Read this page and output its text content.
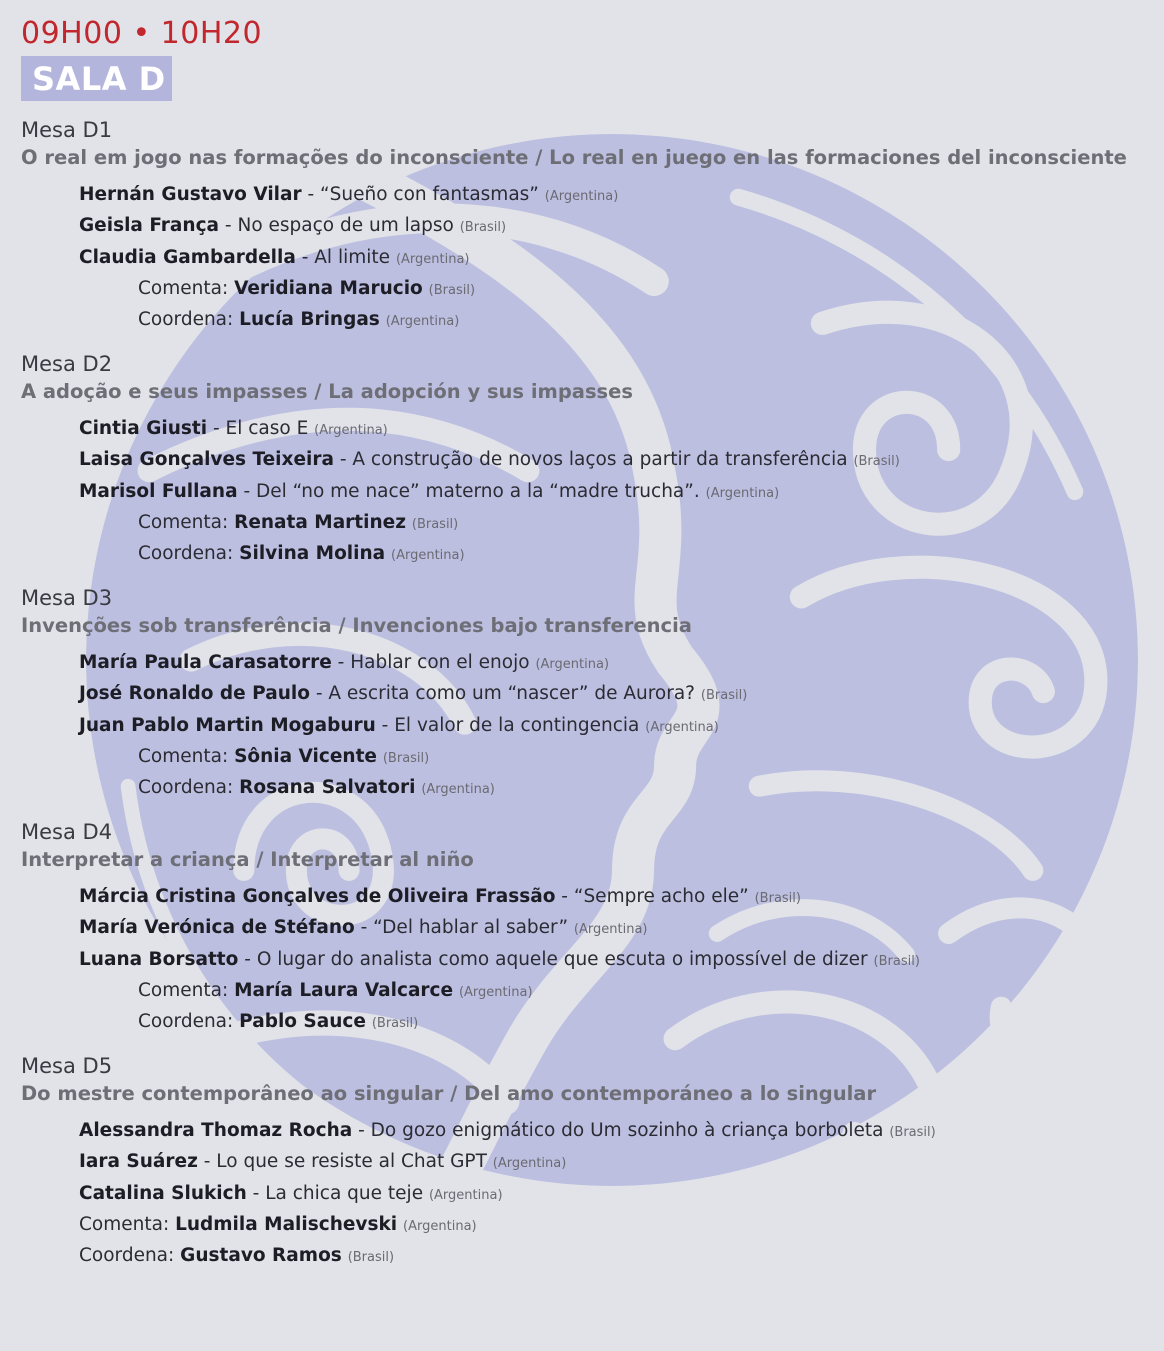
09H00 • 10H20
SALA D
Mesa D1
O real em jogo nas formações do inconsciente / Lo real en juego en las formaciones del inconsciente
Hernán Gustavo Vilar - “Sueño con fantasmas” (Argentina)
Geisla França - No espaço de um lapso (Brasil)
Claudia Gambardella - Al limite (Argentina)
Comenta: Veridiana Marucio (Brasil)
Coordena: Lucía Bringas (Argentina)
Mesa D2
A adoção e seus impasses / La adopción y sus impasses
Cintia Giusti - El caso E (Argentina)
Laisa Gonçalves Teixeira - A construção de novos laços a partir da transferência (Brasil)
Marisol Fullana - Del “no me nace” materno a la “madre trucha”. (Argentina)
Comenta: Renata Martinez (Brasil)
Coordena: Silvina Molina (Argentina)
Mesa D3
Invenções sob transferência / Invenciones bajo transferencia
María Paula Carasatorre - Hablar con el enojo (Argentina)
José Ronaldo de Paulo - A escrita como um “nascer” de Aurora? (Brasil)
Juan Pablo Martin Mogaburu - El valor de la contingencia (Argentina)
Comenta: Sônia Vicente (Brasil)
Coordena: Rosana Salvatori (Argentina)
Mesa D4
Interpretar a criança / Interpretar al niño
Márcia Cristina Gonçalves de Oliveira Frassão - “Sempre acho ele” (Brasil)
María Verónica de Stéfano - “Del hablar al saber” (Argentina)
Luana Borsatto - O lugar do analista como aquele que escuta o impossível de dizer (Brasil)
Comenta: María Laura Valcarce (Argentina)
Coordena: Pablo Sauce (Brasil)
Mesa D5
Do mestre contemporâneo ao singular / Del amo contemporáneo a lo singular
Alessandra Thomaz Rocha - Do gozo enigmático do Um sozinho à criança borboleta (Brasil)
Iara Suárez - Lo que se resiste al Chat GPT (Argentina)
Catalina Slukich - La chica que teje (Argentina)
Comenta: Ludmila Malischevski (Argentina)
Coordena: Gustavo Ramos (Brasil)
